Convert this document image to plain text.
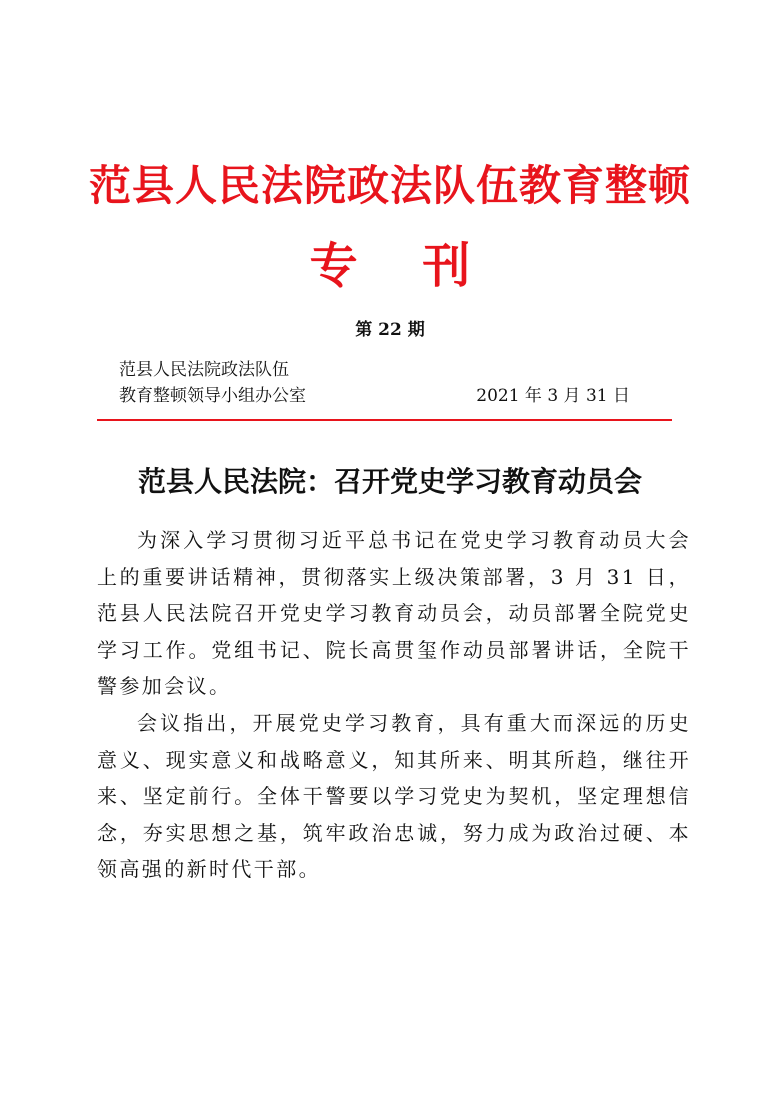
范县人民法院政法队伍教育整顿
专 刊
第 22 期
范县人民法院政法队伍
教育整顿领导小组办公室	2021 年 3 月 31 日
范县人民法院：召开党史学习教育动员会

为深入学习贯彻习近平总书记在党史学习教育动员大会上的重要讲话精神，贯彻落实上级决策部署，3 月 31 日，范县人民法院召开党史学习教育动员会，动员部署全院党史学习工作。党组书记、院长高贯玺作动员部署讲话，全院干警参加会议。

会议指出，开展党史学习教育，具有重大而深远的历史意义、现实意义和战略意义，知其所来、明其所趋，继往开来、坚定前行。全体干警要以学习党史为契机，坚定理想信念，夯实思想之基，筑牢政治忠诚，努力成为政治过硬、本领高强的新时代干部。
